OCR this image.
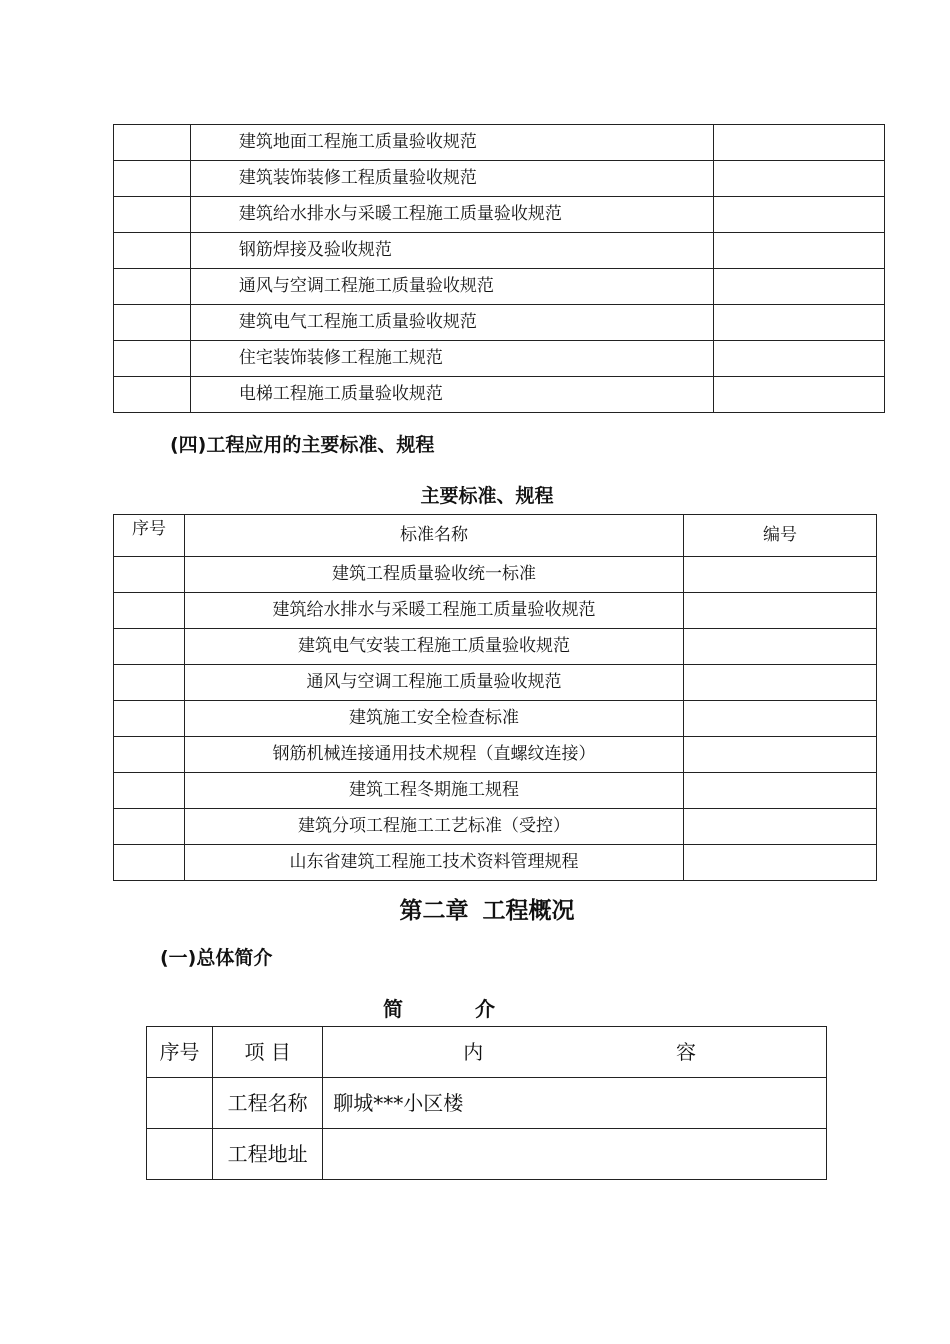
	建筑地面工程施工质量验收规范	
	建筑装饰装修工程质量验收规范	
	建筑给水排水与采暖工程施工质量验收规范	
	钢筋焊接及验收规范	
	通风与空调工程施工质量验收规范	
	建筑电气工程施工质量验收规范	
	住宅装饰装修工程施工规范	
	电梯工程施工质量验收规范	
(四)工程应用的主要标准、规程
主要标准、规程
序号	标准名称	编号
	建筑工程质量验收统一标准	
	建筑给水排水与采暖工程施工质量验收规范	
	建筑电气安装工程施工质量验收规范	
	通风与空调工程施工质量验收规范	
	建筑施工安全检查标准	
	钢筋机械连接通用技术规程（直螺纹连接）	
	建筑工程冬期施工规程	
	建筑分项工程施工工艺标准（受控）	
	山东省建筑工程施工技术资料管理规程	
第二章 工程概况
(一)总体简介
简	介
序号	项 目	内 容

	工程名称	聊城***小区楼
	工程地址	
